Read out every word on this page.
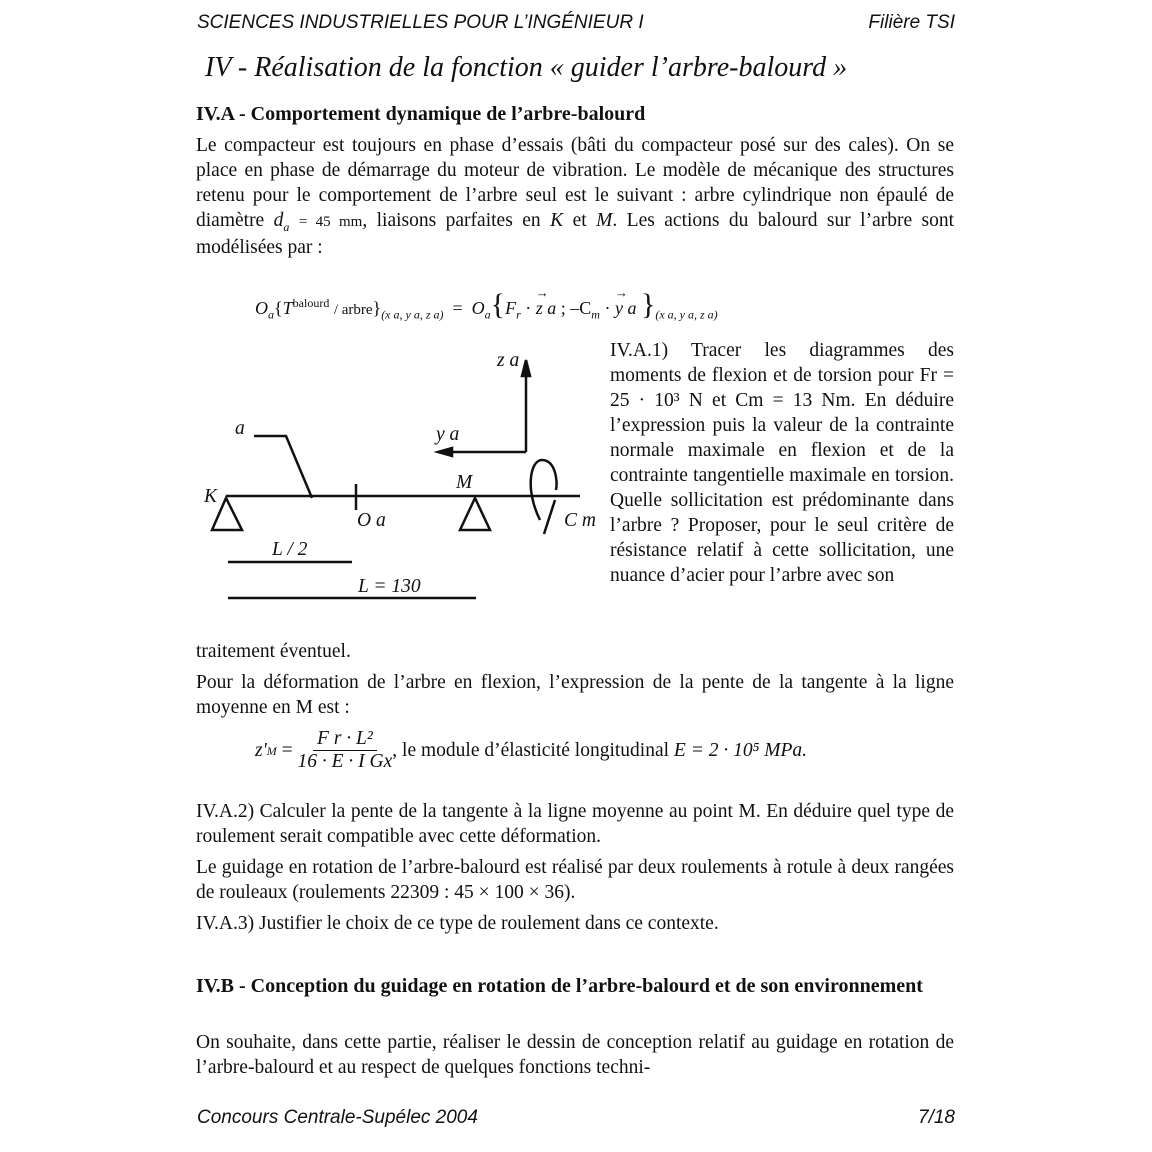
SCIENCES INDUSTRIELLES POUR L’INGÉNIEUR I	Filière TSI
IV - Réalisation de la fonction « guider l’arbre-balourd »
IV.A - Comportement dynamique de l’arbre-balourd
Le compacteur est toujours en phase d’essais (bâti du compacteur posé sur des cales). On se place en phase de démarrage du moteur de vibration. Le modèle de mécanique des structures retenu pour le comportement de l’arbre seul est le suivant : arbre cylindrique non épaulé de diamètre $d_a = 45$ mm, liaisons parfaites en K et M. Les actions du balourd sur l’arbre sont modélisées par :
$O_a\{T^{balourd}$ / $arbre\}_{(x a, y a, z a)} = O_a\{F_r$ · → z a ; $-C_m$ · → y a }$_{(x a, y a, z a)}$
z a
y a
a
K
M
O a	C m
L / 2
L = 130
IV.A.1) Tracer les diagrammes des moments de flexion et de torsion pour Fr = 25 · 10³ N et Cm = 13 Nm. En déduire l’expression puis la valeur de la contrainte normale maximale en flexion et de la contrainte tangentielle maximale en torsion. Quelle sollicitation est prédominante dans l’arbre ? Proposer, pour le seul critère de résistance relatif à cette sollicitation, une nuance d’acier pour l’arbre avec son
traitement éventuel.
Pour la déformation de l’arbre en flexion, l’expression de la pente de la tangente à la ligne moyenne en M est :
z' M
=
$\frac{\text{F r · L²}}{\text{16 · E · I Gx}}$ , le module d’élasticité longitudinal
E = 2 · 10⁵ MPa.
IV.A.2) Calculer la pente de la tangente à la ligne moyenne au point M. En déduire quel type de roulement serait compatible avec cette déformation.
Le guidage en rotation de l’arbre-balourd est réalisé par deux roulements à rotule à deux rangées de rouleaux (roulements 22309 : 45 × 100 × 36).
IV.A.3) Justifier le choix de ce type de roulement dans ce contexte.
IV.B - Conception du guidage en rotation de l’arbre-balourd et de son environnement
On souhaite, dans cette partie, réaliser le dessin de conception relatif au guidage en rotation de l’arbre-balourd et au respect de quelques fonctions techni-
Concours Centrale-Supélec 2004	7/18
